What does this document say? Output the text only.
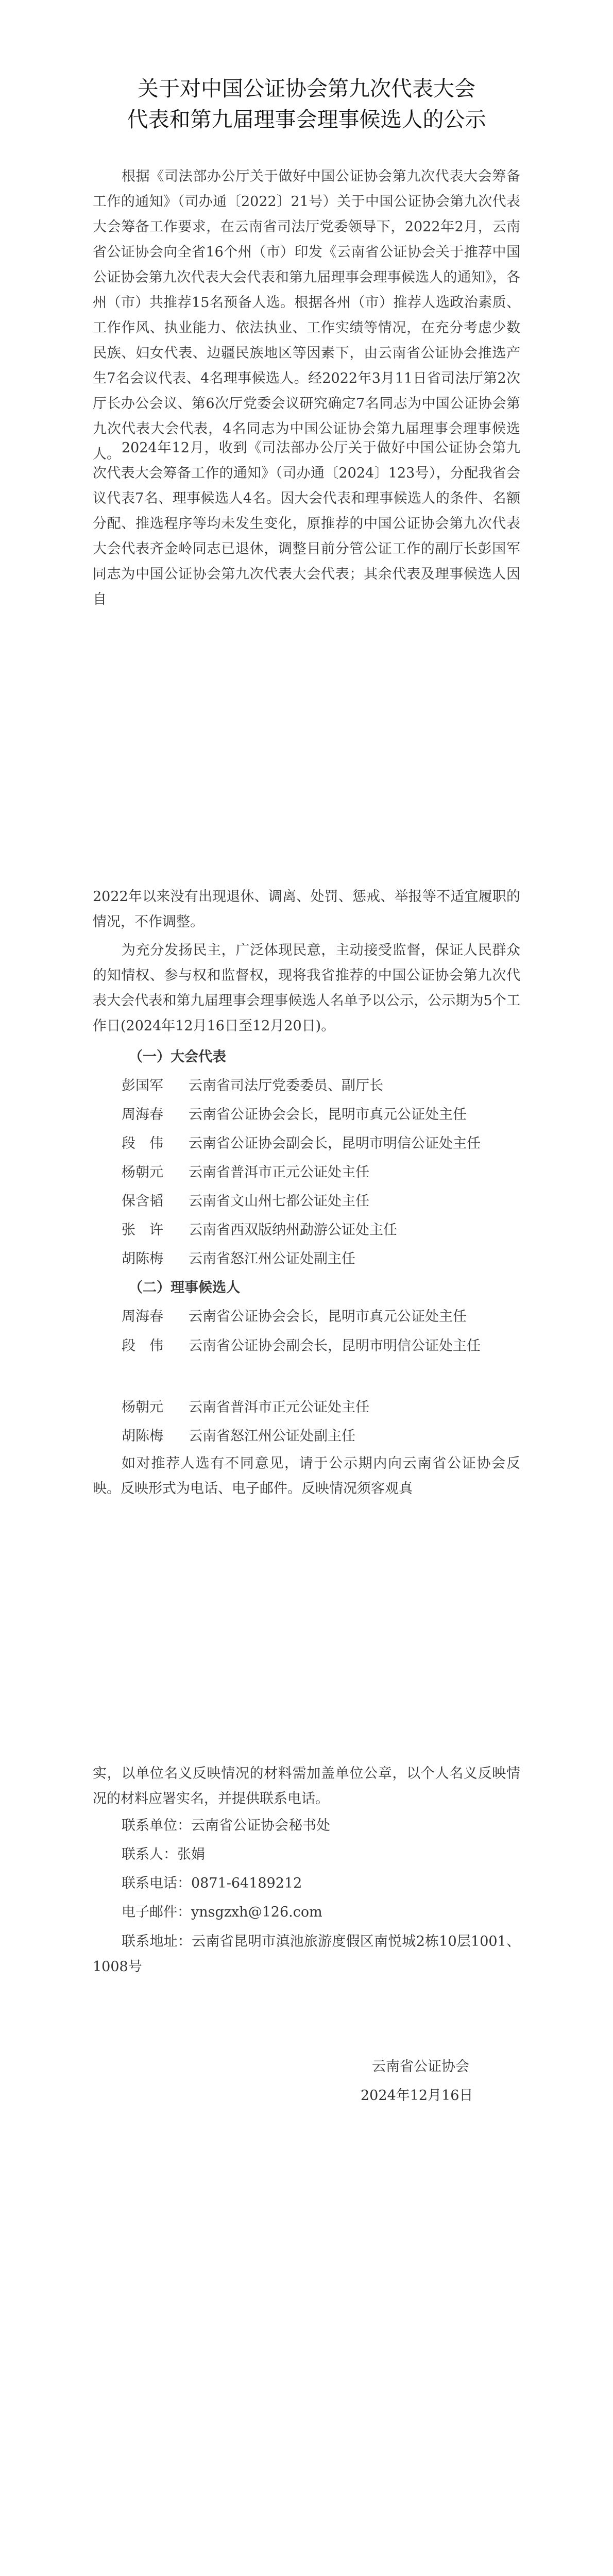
关于对中国公证协会第九次代表大会
代表和第九届理事会理事候选人的公示

根据《司法部办公厅关于做好中国公证协会第九次代表大会筹备工作的通知》（司办通〔2022〕21号）关于中国公证协会第九次代表大会筹备工作要求，在云南省司法厅党委领导下，2022年2月，云南省公证协会向全省16个州（市）印发《云南省公证协会关于推荐中国公证协会第九次代表大会代表和第九届理事会理事候选人的通知》，各州（市）共推荐15名预备人选。根据各州（市）推荐人选政治素质、工作作风、执业能力、依法执业、工作实绩等情况，在充分考虑少数民族、妇女代表、边疆民族地区等因素下，由云南省公证协会推选产生7名会议代表、4名理事候选人。经2022年3月11日省司法厅第2次厅长办公会议、第6次厅党委会议研究确定7名同志为中国公证协会第九次代表大会代表，4名同志为中国公证协会第九届理事会理事候选人。 2024年12月，收到《司法部办公厅关于做好中国公证协会第九次代表大会筹备工作的通知》（司办通〔2024〕123号），分配我省会议代表7名、理事候选人4名。因大会代表和理事候选人的条件、名额分配、推选程序等均未发生变化，原推荐的中国公证协会第九次代表大会代表齐金岭同志已退休，调整目前分管公证工作的副厅长彭国军同志为中国公证协会第九次代表大会代表；其余代表及理事候选人因自

2022年以来没有出现退休、调离、处罚、惩戒、举报等不适宜履职的情况，不作调整。

为充分发扬民主，广泛体现民意，主动接受监督，保证人民群众的知情权、参与权和监督权，现将我省推荐的中国公证协会第九次代表大会代表和第九届理事会理事候选人名单予以公示，公示期为5个工作日(2024年12月16日至12月20日)。

（一）大会代表

彭国军 云南省司法厅党委委员、副厅长
周海春 云南省公证协会会长，昆明市真元公证处主任
段　伟 云南省公证协会副会长，昆明市明信公证处主任
杨朝元 云南省普洱市正元公证处主任
保含韬 云南省文山州七都公证处主任
张　许 云南省西双版纳州勐游公证处主任
胡陈梅 云南省怒江州公证处副主任

（二）理事候选人

周海春 云南省公证协会会长，昆明市真元公证处主任
段　伟 云南省公证协会副会长，昆明市明信公证处主任
杨朝元 云南省普洱市正元公证处主任
胡陈梅 云南省怒江州公证处副主任

如对推荐人选有不同意见，请于公示期内向云南省公证协会反映。反映形式为电话、电子邮件。反映情况须客观真

实，以单位名义反映情况的材料需加盖单位公章，以个人名义反映情况的材料应署实名，并提供联系电话。

联系单位：云南省公证协会秘书处
联系人：张娟
联系电话：0871-64189212
电子邮件：ynsgzxh@126.com

联系地址：云南省昆明市滇池旅游度假区南悦城2栋10层1001、1008号

云南省公证协会
2024年12月16日
